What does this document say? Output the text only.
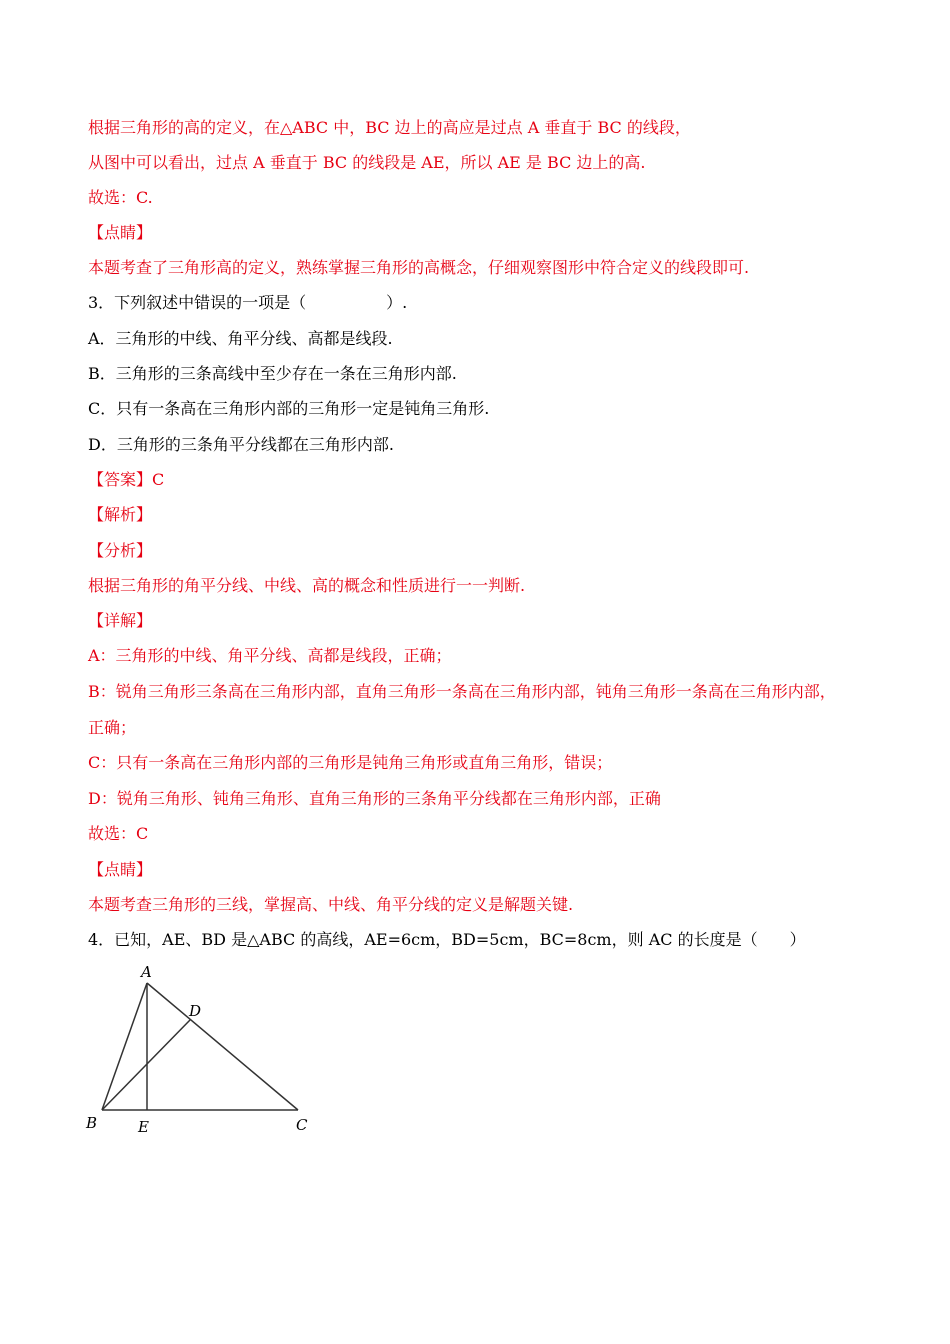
根据三角形的高的定义，在△ABC 中，BC 边上的高应是过点 A 垂直于 BC 的线段，
从图中可以看出，过点 A 垂直于 BC 的线段是 AE，所以 AE 是 BC 边上的高.
故选：C.
【点睛】
本题考查了三角形高的定义，熟练掌握三角形的高概念，仔细观察图形中符合定义的线段即可.
3．下列叙述中错误的一项是（　　　　　）.
A．三角形的中线、角平分线、高都是线段.
B．三角形的三条高线中至少存在一条在三角形内部.
C．只有一条高在三角形内部的三角形一定是钝角三角形.
D．三角形的三条角平分线都在三角形内部.
【答案】C
【解析】
【分析】
根据三角形的角平分线、中线、高的概念和性质进行一一判断.
【详解】
A：三角形的中线、角平分线、高都是线段，正确；
B：锐角三角形三条高在三角形内部，直角三角形一条高在三角形内部，钝角三角形一条高在三角形内部，
正确；
C：只有一条高在三角形内部的三角形是钝角三角形或直角三角形，错误；
D：锐角三角形、钝角三角形、直角三角形的三条角平分线都在三角形内部，正确
故选：C
【点睛】
本题考查三角形的三线，掌握高、中线、角平分线的定义是解题关键.
4．已知，AE、BD 是△ABC 的高线，AE=6cm，BD=5cm，BC=8cm，则 AC 的长度是（　　）
A
D
B	E	C
